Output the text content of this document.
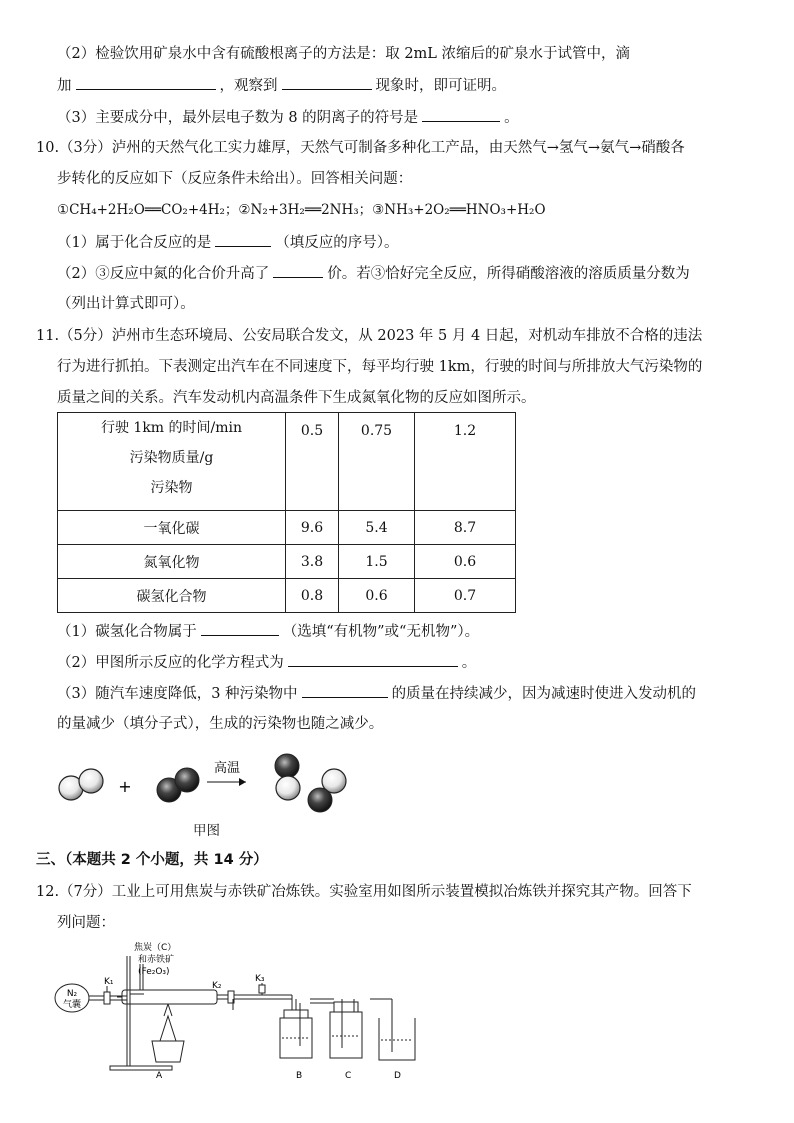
（2）检验饮用矿泉水中含有硫酸根离子的方法是：取 2mL 浓缩后的矿泉水于试管中，滴
加	，观察到	现象时，即可证明。
（3）主要成分中，最外层电子数为 8 的阴离子的符号是	。
10.（3分）泸州的天然气化工实力雄厚，天然气可制备多种化工产品，由天然气→氢气→氨气→硝酸各
步转化的反应如下（反应条件未给出）。回答相关问题：
①CH₄+2H₂O══CO₂+4H₂；②N₂+3H₂══2NH₃；③NH₃+2O₂══HNO₃+H₂O
（1）属于化合反应的是	（填反应的序号）。
（2）③反应中氮的化合价升高了	价。若③恰好完全反应，所得硝酸溶液的溶质质量分数为
（列出计算式即可）。
11.（5分）泸州市生态环境局、公安局联合发文，从 2023 年 5 月 4 日起，对机动车排放不合格的违法
行为进行抓拍。下表测定出汽车在不同速度下，每平均行驶 1km，行驶的时间与所排放大气污染物的
质量之间的关系。汽车发动机内高温条件下生成氮氧化物的反应如图所示。
行驶 1km 的时间/min
污染物质量/g
污染物	0.5	0.75	1.2
一氧化碳	9.6	5.4	8.7
氮氧化物	3.8	1.5	0.6
碳氢化合物	0.8	0.6	0.7
（1）碳氢化合物属于	（选填“有机物”或“无机物”）。
（2）甲图所示反应的化学方程式为	。
（3）随汽车速度降低，3 种污染物中	的质量在持续减少，因为减速时使进入发动机的
的量减少（填分子式），生成的污染物也随之减少。
+
高温
甲图
三、（本题共 2 个小题，共 14 分）
12.（7分）工业上可用焦炭与赤铁矿冶炼铁。实验室用如图所示装置模拟冶炼铁并探究其产物。回答下
列问题：
N₂
气囊
K₁	K₂
K₃
焦炭（C）
和赤铁矿
(Fe₂O₃)
A	B	C	D
